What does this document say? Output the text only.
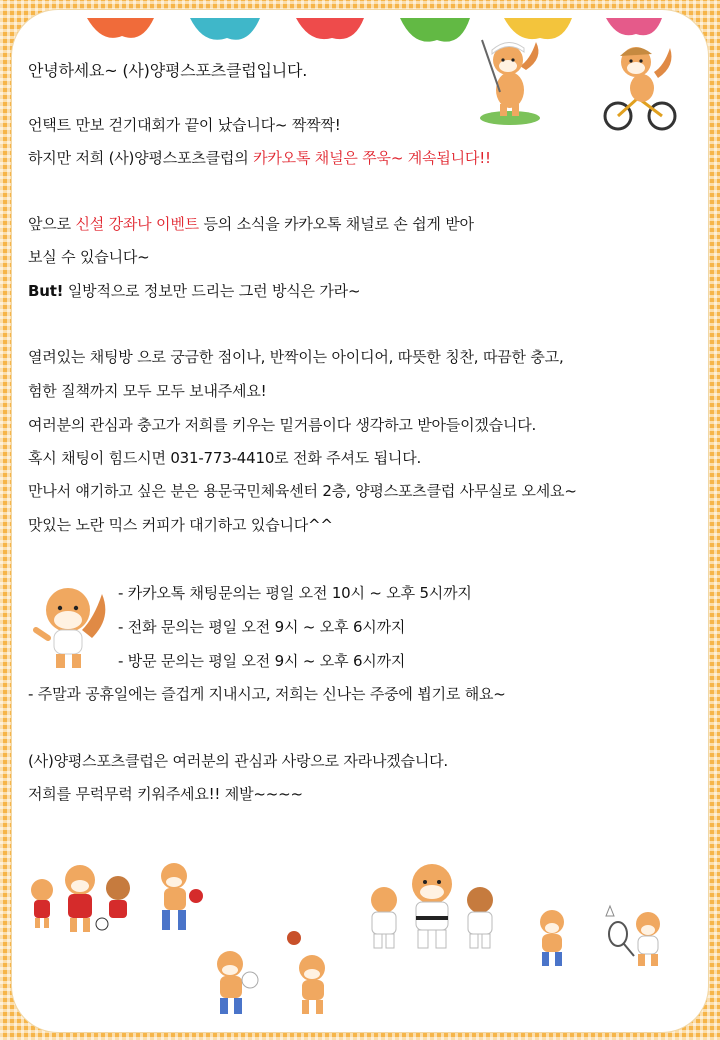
안녕하세요~ (사)양평스포츠클럽입니다.
언택트 만보 걷기대회가 끝이 났습니다~ 짝짝짝!
하지만 저희 (사)양평스포츠클럽의 카카오톡 채널은 쭈욱~ 계속됩니다!!
앞으로 신설 강좌나 이벤트 등의 소식을 카카오톡 채널로 손 쉽게 받아
보실 수 있습니다~
But! 일방적으로 정보만 드리는 그런 방식은 가라~
열려있는 채팅방 으로 궁금한 점이나, 반짝이는 아이디어, 따뜻한 칭찬, 따끔한 충고,
험한 질책까지 모두 모두 보내주세요!
여러분의 관심과 충고가 저희를 키우는 밑거름이다 생각하고 받아들이겠습니다.
혹시 채팅이 힘드시면 031-773-4410로 전화 주셔도 됩니다.
만나서 얘기하고 싶은 분은 용문국민체육센터 2층, 양평스포츠클럽 사무실로 오세요~
맛있는 노란 믹스 커피가 대기하고 있습니다^^
- 카카오톡 채팅문의는 평일 오전 10시 ~ 오후 5시까지
- 전화 문의는 평일 오전 9시 ~ 오후 6시까지
- 방문 문의는 평일 오전 9시 ~ 오후 6시까지
- 주말과 공휴일에는 즐겁게 지내시고, 저희는 신나는 주중에 뵙기로 해요~
(사)양평스포츠클럽은 여러분의 관심과 사랑으로 자라나겠습니다.
저희를 무럭무럭 키워주세요!! 제발~~~~
